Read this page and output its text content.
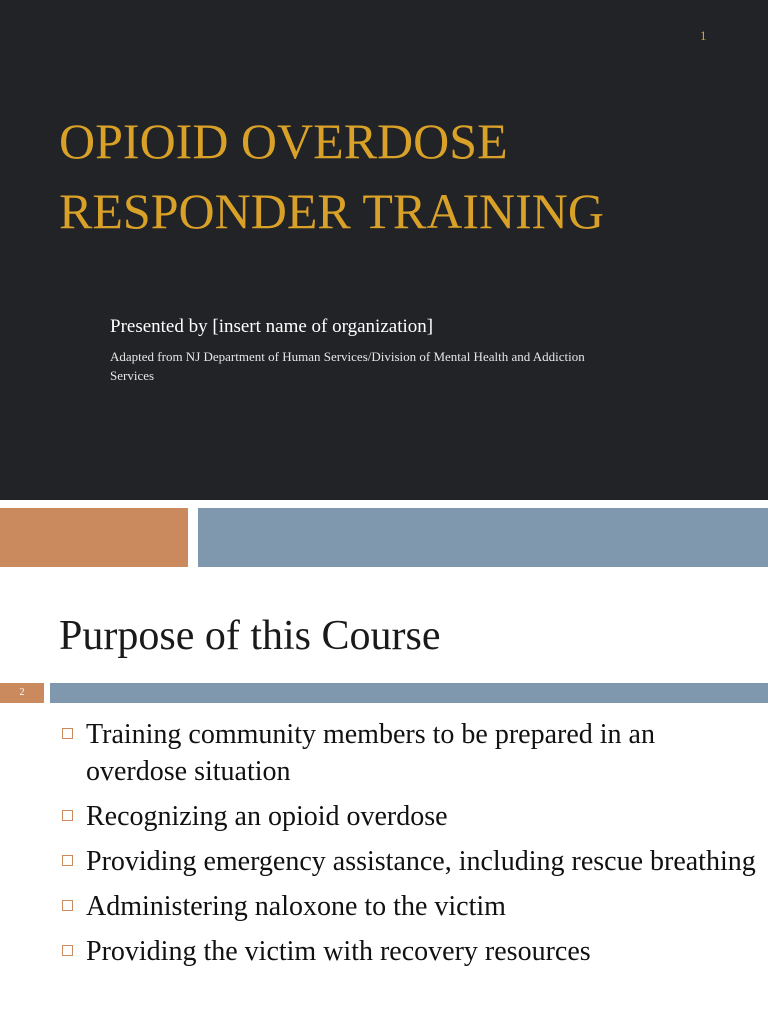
1
OPIOID OVERDOSE
RESPONDER TRAINING
Presented by [insert name of organization]
Adapted from NJ Department of Human Services/Division of Mental Health and Addiction Services
Purpose of this Course
2
Training community members to be prepared in an overdose situation
Recognizing an opioid overdose
Providing emergency assistance, including rescue breathing
Administering naloxone to the victim
Providing the victim with recovery resources
